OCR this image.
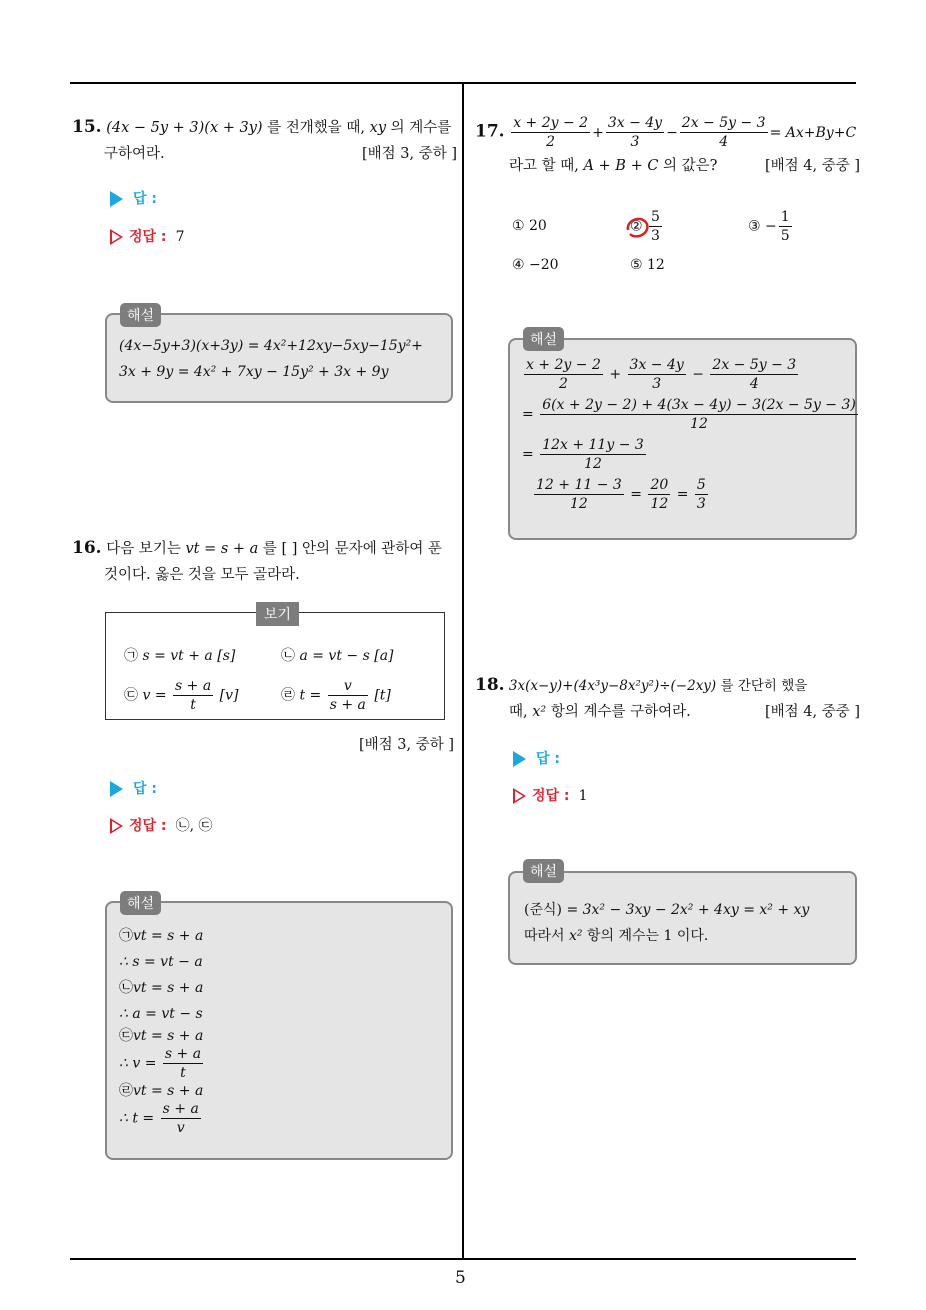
5
15. (4x − 5y + 3)(x + 3y) 를 전개했을 때, xy 의 계수를
구하여라.	[배점 3, 중하 ]
답 :
정답 : 7
(4x−5y+3)(x+3y) = 4x²+12xy−5xy−15y²+
3x + 9y = 4x² + 7xy − 15y² + 3x + 9y
해설
16. 다음 보기는 vt = s + a 를 [ ] 안의 문자에 관하여 푼
것이다. 옳은 것을 모두 골라라.
㉠ s = vt + a [s]	㉡ a = vt − s [a]
㉢ $v = \frac{s + a}{t} [v]$	㉣ $t = \frac{v}{s + a} [t]$
보기
[배점 3, 중하 ]
답 :
정답 : ㉡, ㉢
㉠vt = s + a
∴ s = vt − a
㉡vt = s + a
∴ a = vt − s
㉢vt = s + a
∴ $v = \frac{s + a}{t}$
㉣vt = s + a
∴ $t = \frac{s + a}{v}$
해설
17. $\frac{x + 2y - 2}{2} + \frac{3x - 4y}{3} - \frac{2x - 5y - 3}{4} = Ax+By+C$
라고 할 때, A + B + C 의 값은?	[배점 4, 중중 ]
① 20	② $\frac{5}{3}$	③ − $\frac{1}{5}$
④ −20	⑤ 12
$\frac{x + 2y - 2}{2} + \frac{3x - 4y}{3} - \frac{2x - 5y - 3}{4}$
= $\frac{6(x + 2y - 2) + 4(3x - 4y) - 3(2x - 5y - 3)}{12}$
= $\frac{12x + 11y - 3}{12}$
$\frac{12 + 11 - 3}{12} = \frac{20}{12} = \frac{5}{3}$
해설
18. 3x(x−y)+(4x³y−8x²y²)÷(−2xy) 를 간단히 했을
때, x² 항의 계수를 구하여라.	[배점 4, 중중 ]
답 :
정답 : 1
(준식) = 3x² − 3xy − 2x² + 4xy = x² + xy
따라서 x² 항의 계수는 1 이다.
해설
